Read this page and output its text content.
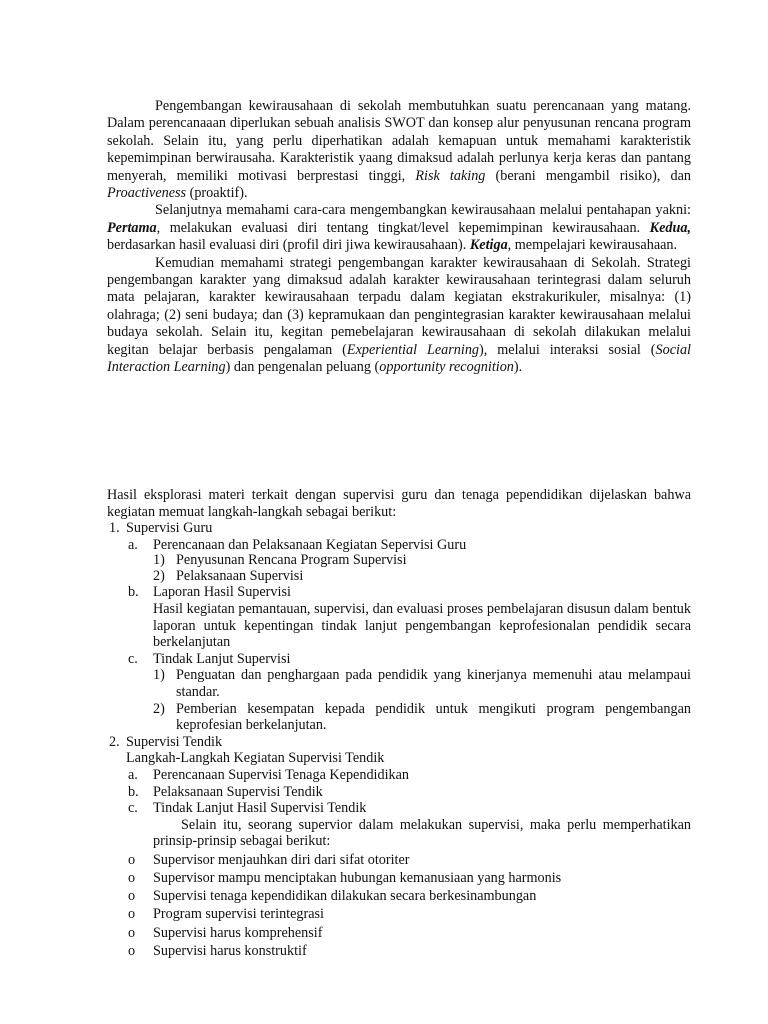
Pengembangan kewirausahaan di sekolah membutuhkan suatu perencanaan yang matang. Dalam perencanaaan diperlukan sebuah analisis SWOT dan konsep alur penyusunan rencana program sekolah. Selain itu, yang perlu diperhatikan adalah kemapuan untuk memahami karakteristik kepemimpinan berwirausaha. Karakteristik yaang dimaksud adalah perlunya kerja keras dan pantang menyerah, memiliki motivasi berprestasi tinggi, Risk taking (berani mengambil risiko), dan Proactiveness (proaktif).

Selanjutnya memahami cara-cara mengembangkan kewirausahaan melalui pentahapan yakni: Pertama, melakukan evaluasi diri tentang tingkat/level kepemimpinan kewirausahaan. Kedua, berdasarkan hasil evaluasi diri (profil diri jiwa kewirausahaan). Ketiga, mempelajari kewirausahaan.

Kemudian memahami strategi pengembangan karakter kewirausahaan di Sekolah. Strategi pengembangan karakter yang dimaksud adalah karakter kewirausahaan terintegrasi dalam seluruh mata pelajaran, karakter kewirausahaan terpadu dalam kegiatan ekstrakurikuler, misalnya: (1) olahraga; (2) seni budaya; dan (3) kepramukaan dan pengintegrasian karakter kewirausahaan melalui budaya sekolah. Selain itu, kegitan pemebelajaran kewirausahaan di sekolah dilakukan melalui kegitan belajar berbasis pengalaman (Experiential Learning), melalui interaksi sosial (Social Interaction Learning) dan pengenalan peluang (opportunity recognition).

Hasil eksplorasi materi terkait dengan supervisi guru dan tenaga pependidikan dijelaskan bahwa kegiatan memuat langkah-langkah sebagai berikut:

1. Supervisi Guru
a. Perencanaan dan Pelaksanaan Kegiatan Sepervisi Guru
1) Penyusunan Rencana Program Supervisi
2) Pelaksanaan Supervisi
b. Laporan Hasil Supervisi
Hasil kegiatan pemantauan, supervisi, dan evaluasi proses pembelajaran disusun dalam bentuk laporan untuk kepentingan tindak lanjut pengembangan keprofesionalan pendidik secara berkelanjutan
c. Tindak Lanjut Supervisi
1) Penguatan dan penghargaan pada pendidik yang kinerjanya memenuhi atau melampaui standar.
2) Pemberian kesempatan kepada pendidik untuk mengikuti program pengembangan keprofesian berkelanjutan.
2. Supervisi Tendik
Langkah-Langkah Kegiatan Supervisi Tendik
a. Perencanaan Supervisi Tenaga Kependidikan
b. Pelaksanaan Supervisi Tendik
c. Tindak Lanjut Hasil Supervisi Tendik

Selain itu, seorang supervior dalam melakukan supervisi, maka perlu memperhatikan prinsip-prinsip sebagai berikut:

o Supervisor menjauhkan diri dari sifat otoriter
o Supervisor mampu menciptakan hubungan kemanusiaan yang harmonis
o Supervisi tenaga kependidikan dilakukan secara berkesinambungan
o Program supervisi terintegrasi
o Supervisi harus komprehensif
o Supervisi harus konstruktif
